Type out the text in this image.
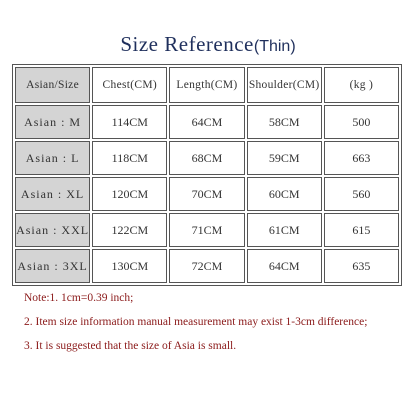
Size Reference(Thin)
Asian/Size	Chest(CM)	Length(CM)	Shoulder(CM)	(kg )
Asian : M	114CM	64CM	58CM	500
Asian : L	118CM	68CM	59CM	663
Asian : XL	120CM	70CM	60CM	560
Asian : XXL	122CM	71CM	61CM	615
Asian : 3XL	130CM	72CM	64CM	635
Note:1. 1cm=0.39 inch;
2. Item size information manual measurement may exist 1-3cm difference;
3. It is suggested that the size of Asia is small.
